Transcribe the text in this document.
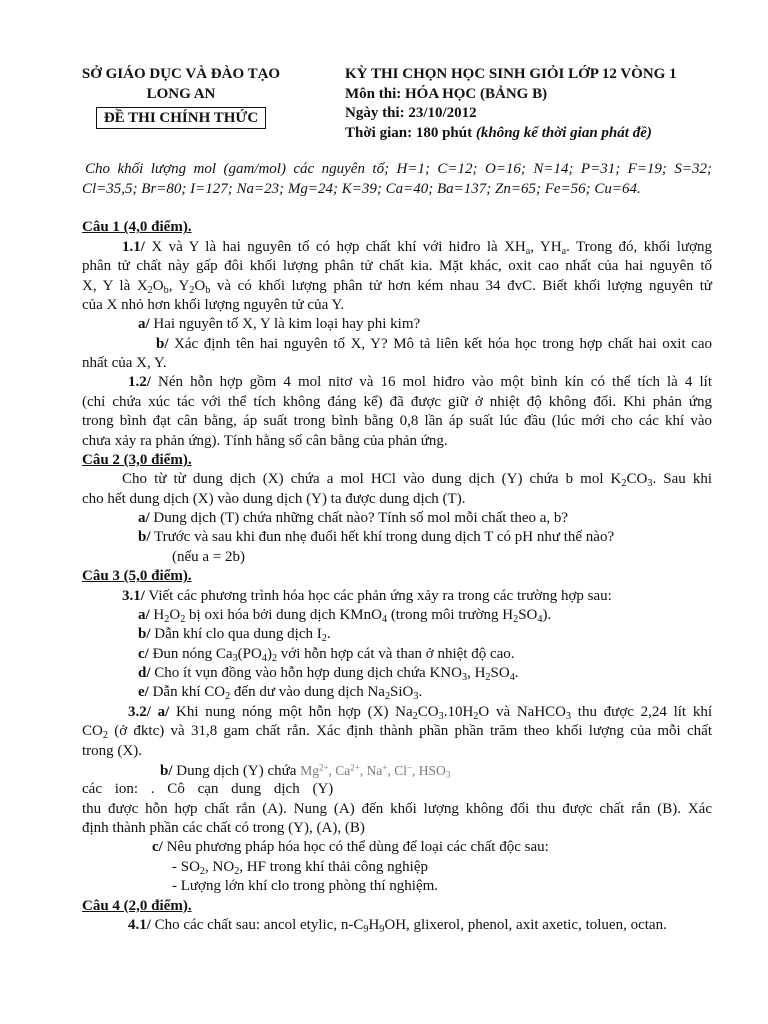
SỞ GIÁO DỤC VÀ ĐÀO TẠO
LONG AN
ĐỀ THI CHÍNH THỨC
KỲ THI CHỌN HỌC SINH GIỎI LỚP 12 VÒNG 1
Môn thi: HÓA HỌC (BẢNG B)
Ngày thi: 23/10/2012
Thời gian: 180 phút (không kể thời gian phát đề)
Cho khối lượng mol (gam/mol) các nguyên tố; H=1; C=12; O=16; N=14; P=31; F=19; S=32;
Cl=35,5; Br=80; I=127; Na=23; Mg=24; K=39; Ca=40; Ba=137; Zn=65; Fe=56; Cu=64.
Câu 1 (4,0 điểm).
1.1/ X và Y là hai nguyên tố có hợp chất khí với hiđro là $XH_a$, $YH_a$. Trong đó, khối lượng
phân tử chất này gấp đôi khối lượng phân tử chất kia. Mặt khác, oxit cao nhất của hai nguyên tố
X, Y là $X_2O_b$, $Y_2O_b$ và có khối lượng phân tử hơn kém nhau 34 đvC. Biết khối lượng nguyên tử
của X nhỏ hơn khối lượng nguyên tử của Y.
a/ Hai nguyên tố X, Y là kim loại hay phi kim?
b/ Xác định tên hai nguyên tố X, Y? Mô tả liên kết hóa học trong hợp chất hai oxit cao
nhất của X, Y.
1.2/ Nén hỗn hợp gồm 4 mol nitơ và 16 mol hiđro vào một bình kín có thể tích là 4 lít
(chỉ chứa xúc tác với thể tích không đáng kể) đã được giữ ở nhiệt độ không đổi. Khi phản ứng
trong bình đạt cân bằng, áp suất trong bình bằng 0,8 lần áp suất lúc đầu (lúc mới cho các khí vào
chưa xảy ra phản ứng). Tính hằng số cân bằng của phản ứng.
Câu 2 (3,0 điểm).
Cho từ từ dung dịch (X) chứa a mol HCl vào dung dịch (Y) chứa b mol $K_2CO_3$. Sau khi
cho hết dung dịch (X) vào dung dịch (Y) ta được dung dịch (T).
a/ Dung dịch (T) chứa những chất nào? Tính số mol mỗi chất theo a, b?
b/ Trước và sau khi đun nhẹ đuổi hết khí trong dung dịch T có pH như thế nào?
(nếu a = 2b)
Câu 3 (5,0 điểm).
3.1/ Viết các phương trình hóa học các phản ứng xảy ra trong các trường hợp sau:
a/ $H_2O_2$ bị oxi hóa bởi dung dịch KMnO$_4$ (trong môi trường $H_2SO_4$).
b/ Dẫn khí clo qua dung dịch $I_2$.
c/ Đun nóng $Ca_3(PO_4)_2$ với hỗn hợp cát và than ở nhiệt độ cao.
d/ Cho ít vụn đồng vào hỗn hợp dung dịch chứa $KNO_3$, $H_2SO_4$.
e/ Dẫn khí $CO_2$ đến dư vào dung dịch $Na_2SiO_3$.
3.2/ a/ Khi nung nóng một hỗn hợp (X) $Na_2CO_3.10H_2O$ và NaHCO$_3$ thu được 2,24 lít khí
$CO_2$ (ở đktc) và 31,8 gam chất rắn. Xác định thành phần phần trăm theo khối lượng của mỗi chất
trong (X).
b/ Dung dịch (Y) chứa $Mg^{2+}$, $Ca^{2+}$, Na+, Cl−, $HSO_3$
các ion: . Cô cạn dung dịch (Y)
thu được hỗn hợp chất rắn (A). Nung (A) đến khối lượng không đổi thu được chất rắn (B). Xác
định thành phần các chất có trong (Y), (A), (B)
c/ Nêu phương pháp hóa học có thể dùng để loại các chất độc sau:
- $SO_2$, $NO_2$, HF trong khí thải công nghiệp
- Lượng lớn khí clo trong phòng thí nghiệm.
Câu 4 (2,0 điểm).
4.1/ Cho các chất sau: ancol etylic, $n-C_9H_9OH$, glixerol, phenol, axit axetic, toluen, octan.
